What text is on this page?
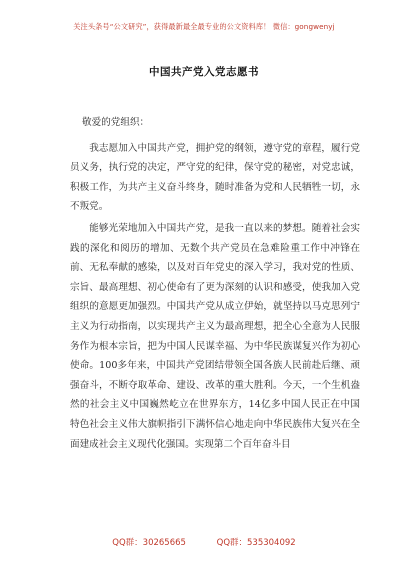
关注头条号“公文研究”，获得最新最全最专业的公文资料库！ 微信：gongwenyj
中国共产党入党志愿书
敬爱的党组织：

我志愿加入中国共产党，拥护党的纲领，遵守党的章程，履行党员义务，执行党的决定，严守党的纪律，保守党的秘密，对党忠诚，积极工作，为共产主义奋斗终身，随时准备为党和人民牺牲一切，永不叛党。

能够光荣地加入中国共产党，是我一直以来的梦想。随着社会实践的深化和阅历的增加、无数个共产党员在急难险重工作中冲锋在前、无私奉献的感染，以及对百年党史的深入学习，我对党的性质、宗旨、最高理想、初心使命有了更为深刻的认识和感受，使我加入党组织的意愿更加强烈。中国共产党从成立伊始，就坚持以马克思列宁主义为行动指南，以实现共产主义为最高理想，把全心全意为人民服务作为根本宗旨，把为中国人民谋幸福、为中华民族谋复兴作为初心使命。100多年来，中国共产党团结带领全国各族人民前赴后继、顽强奋斗，不断夺取革命、建设、改革的重大胜利。今天，一个生机盎然的社会主义中国巍然屹立在世界东方，14亿多中国人民正在中国特色社会主义伟大旗帜指引下满怀信心地走向中华民族伟大复兴在全面建成社会主义现代化强国。实现第二个百年奋斗目

QQ群：30265665	QQ群：535304092
